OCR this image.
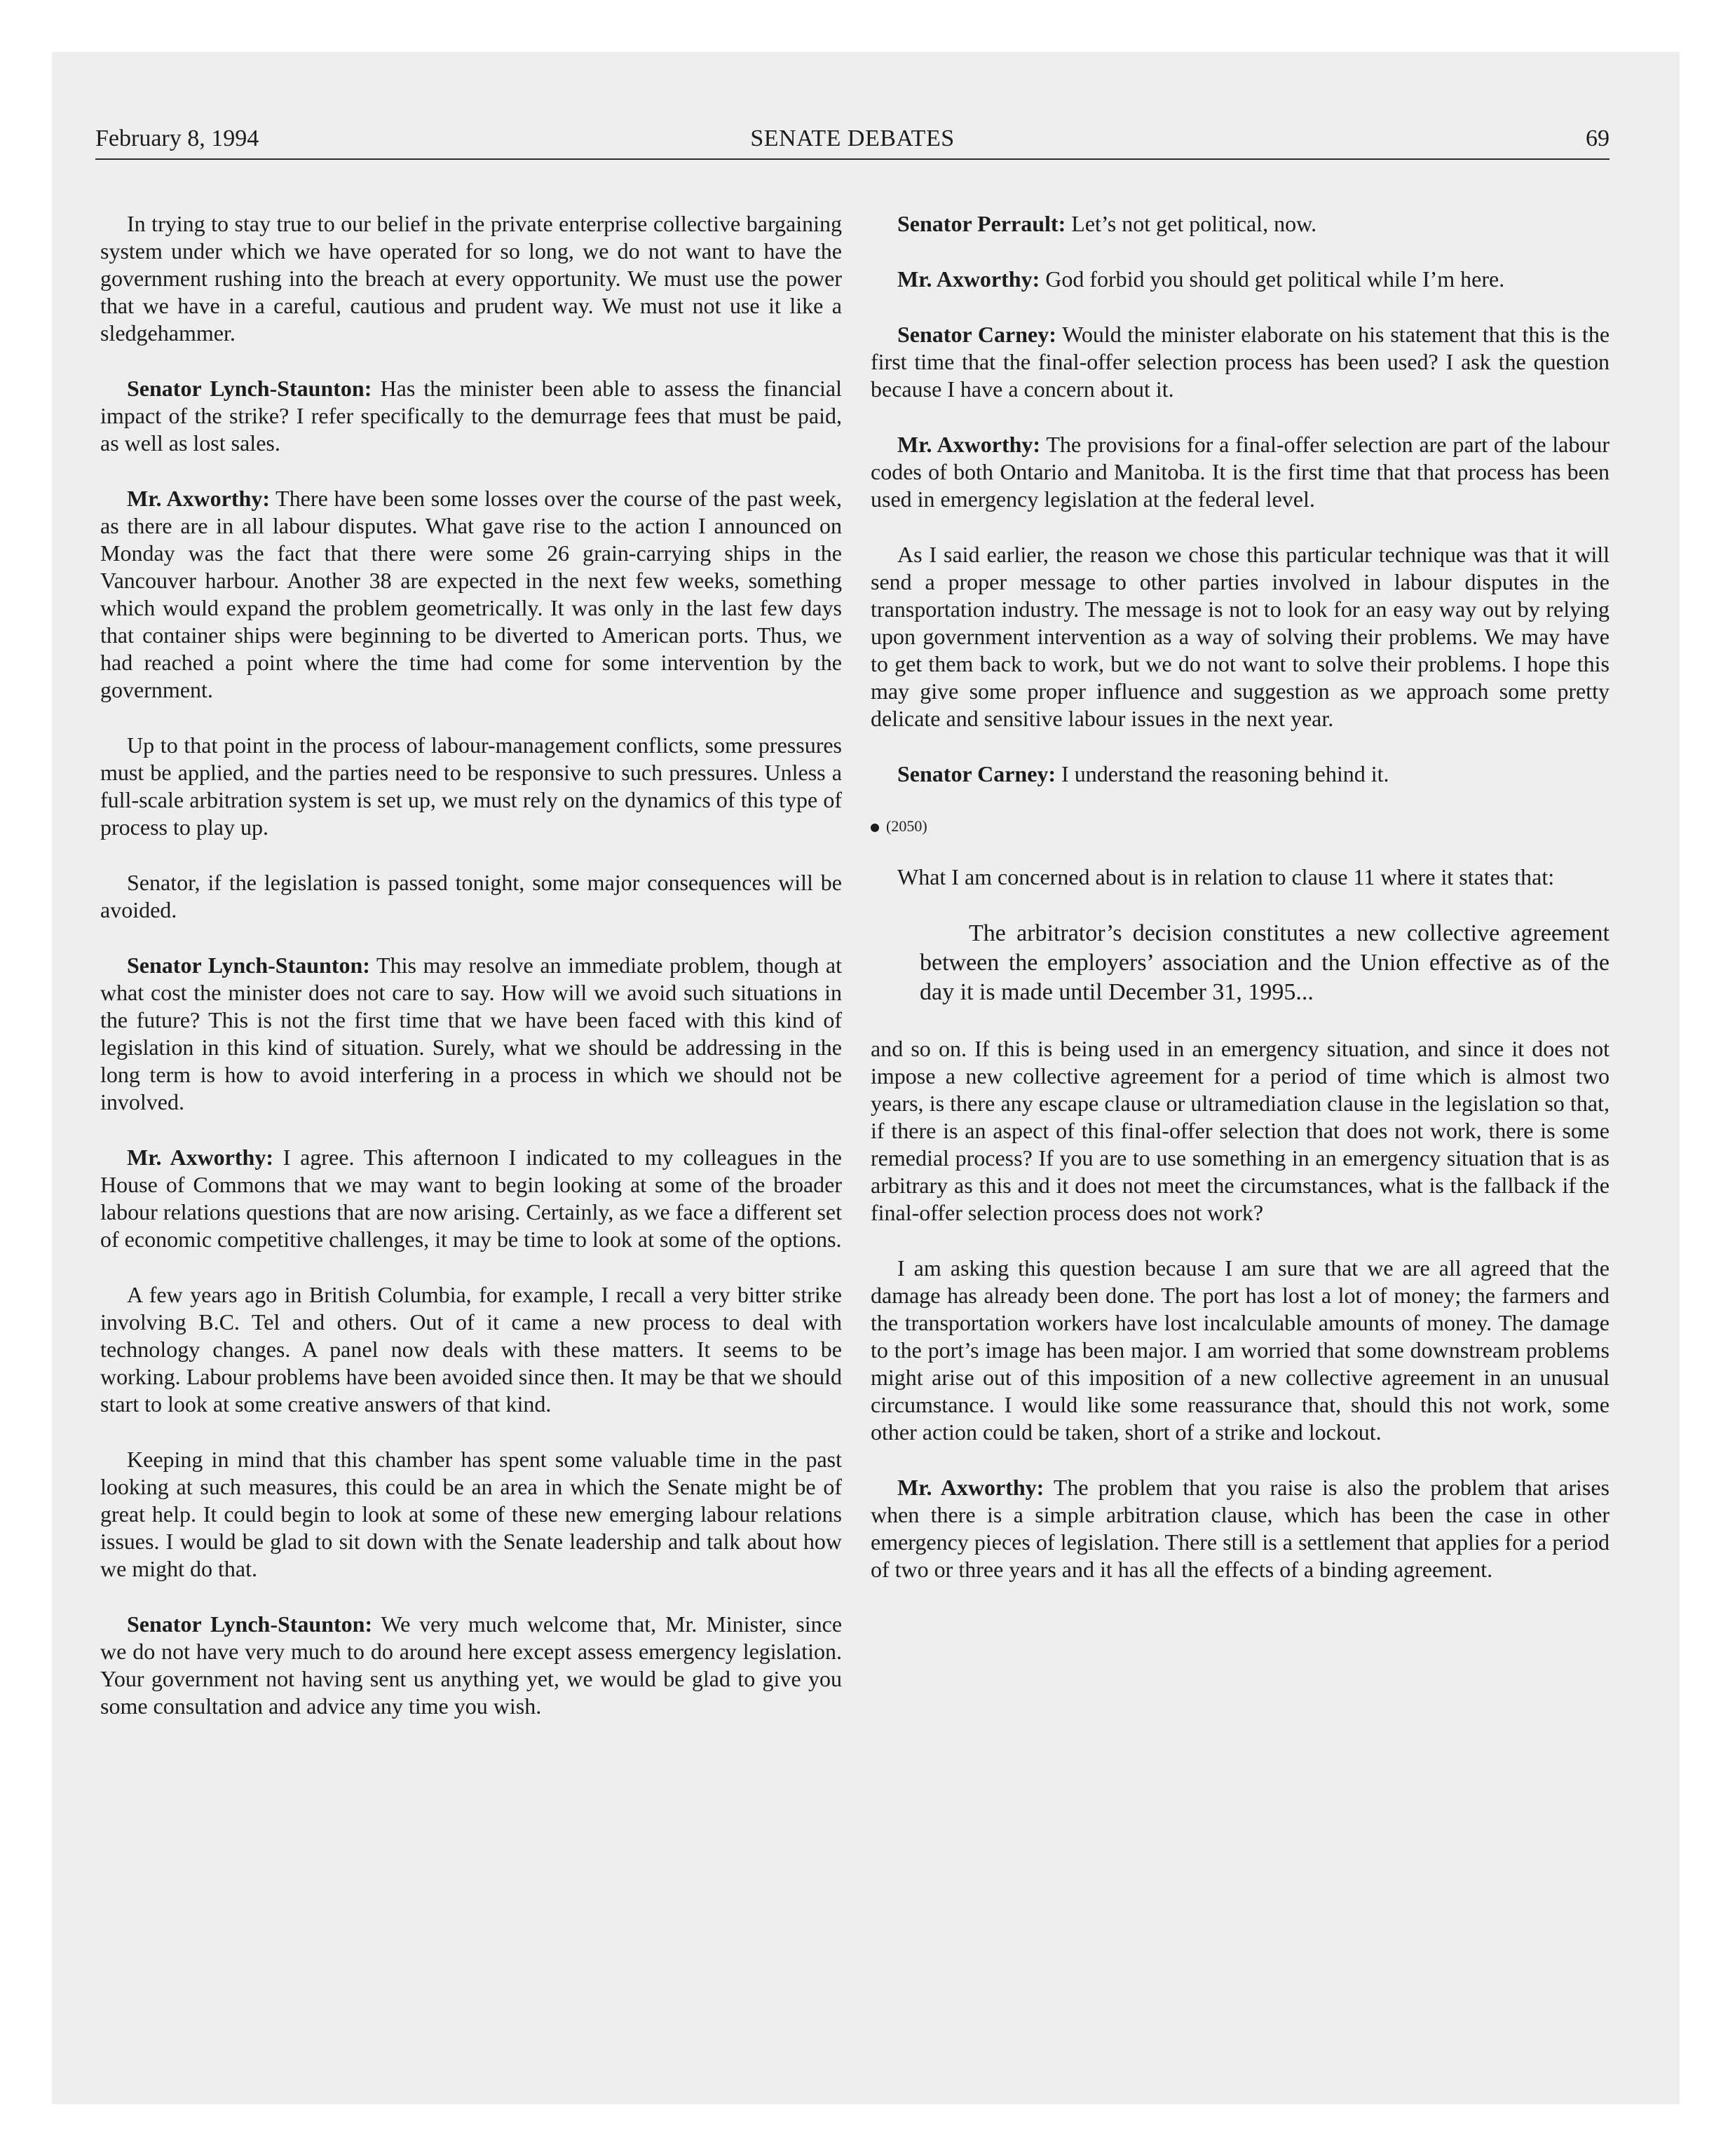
February 8, 1994	SENATE DEBATES	69

In trying to stay true to our belief in the private enterprise collective bargaining system under which we have operated for so long, we do not want to have the government rushing into the breach at every opportunity. We must use the power that we have in a careful, cautious and prudent way. We must not use it like a sledgehammer.

Senator Lynch-Staunton: Has the minister been able to assess the financial impact of the strike? I refer specifically to the demurrage fees that must be paid, as well as lost sales.

Mr. Axworthy: There have been some losses over the course of the past week, as there are in all labour disputes. What gave rise to the action I announced on Monday was the fact that there were some 26 grain-carrying ships in the Vancouver harbour. Another 38 are expected in the next few weeks, something which would expand the problem geometrically. It was only in the last few days that container ships were beginning to be diverted to American ports. Thus, we had reached a point where the time had come for some intervention by the government.

Up to that point in the process of labour-management conflicts, some pressures must be applied, and the parties need to be responsive to such pressures. Unless a full-scale arbitration system is set up, we must rely on the dynamics of this type of process to play up.

Senator, if the legislation is passed tonight, some major consequences will be avoided.

Senator Lynch-Staunton: This may resolve an immediate problem, though at what cost the minister does not care to say. How will we avoid such situations in the future? This is not the first time that we have been faced with this kind of legislation in this kind of situation. Surely, what we should be addressing in the long term is how to avoid interfering in a process in which we should not be involved.

Mr. Axworthy: I agree. This afternoon I indicated to my colleagues in the House of Commons that we may want to begin looking at some of the broader labour relations questions that are now arising. Certainly, as we face a different set of economic competitive challenges, it may be time to look at some of the options.

A few years ago in British Columbia, for example, I recall a very bitter strike involving B.C. Tel and others. Out of it came a new process to deal with technology changes. A panel now deals with these matters. It seems to be working. Labour problems have been avoided since then. It may be that we should start to look at some creative answers of that kind.

Keeping in mind that this chamber has spent some valuable time in the past looking at such measures, this could be an area in which the Senate might be of great help. It could begin to look at some of these new emerging labour relations issues. I would be glad to sit down with the Senate leadership and talk about how we might do that.

Senator Lynch-Staunton: We very much welcome that, Mr. Minister, since we do not have very much to do around here except assess emergency legislation. Your government not having sent us anything yet, we would be glad to give you some consultation and advice any time you wish.

Senator Perrault: Let’s not get political, now.

Mr. Axworthy: God forbid you should get political while I’m here.

Senator Carney: Would the minister elaborate on his statement that this is the first time that the final-offer selection process has been used? I ask the question because I have a concern about it.

Mr. Axworthy: The provisions for a final-offer selection are part of the labour codes of both Ontario and Manitoba. It is the first time that that process has been used in emergency legislation at the federal level.

As I said earlier, the reason we chose this particular technique was that it will send a proper message to other parties involved in labour disputes in the transportation industry. The message is not to look for an easy way out by relying upon government intervention as a way of solving their problems. We may have to get them back to work, but we do not want to solve their problems. I hope this may give some proper influence and suggestion as we approach some pretty delicate and sensitive labour issues in the next year.

Senator Carney: I understand the reasoning behind it.

(2050)

What I am concerned about is in relation to clause 11 where it states that:

The arbitrator’s decision constitutes a new collective agreement between the employers’ association and the Union effective as of the day it is made until December 31, 1995...

and so on. If this is being used in an emergency situation, and since it does not impose a new collective agreement for a period of time which is almost two years, is there any escape clause or ultramediation clause in the legislation so that, if there is an aspect of this final-offer selection that does not work, there is some remedial process? If you are to use something in an emergency situation that is as arbitrary as this and it does not meet the circumstances, what is the fallback if the final-offer selection process does not work?

I am asking this question because I am sure that we are all agreed that the damage has already been done. The port has lost a lot of money; the farmers and the transportation workers have lost incalculable amounts of money. The damage to the port’s image has been major. I am worried that some downstream problems might arise out of this imposition of a new collective agreement in an unusual circumstance. I would like some reassurance that, should this not work, some other action could be taken, short of a strike and lockout.

Mr. Axworthy: The problem that you raise is also the problem that arises when there is a simple arbitration clause, which has been the case in other emergency pieces of legislation. There still is a settlement that applies for a period of two or three years and it has all the effects of a binding agreement.
